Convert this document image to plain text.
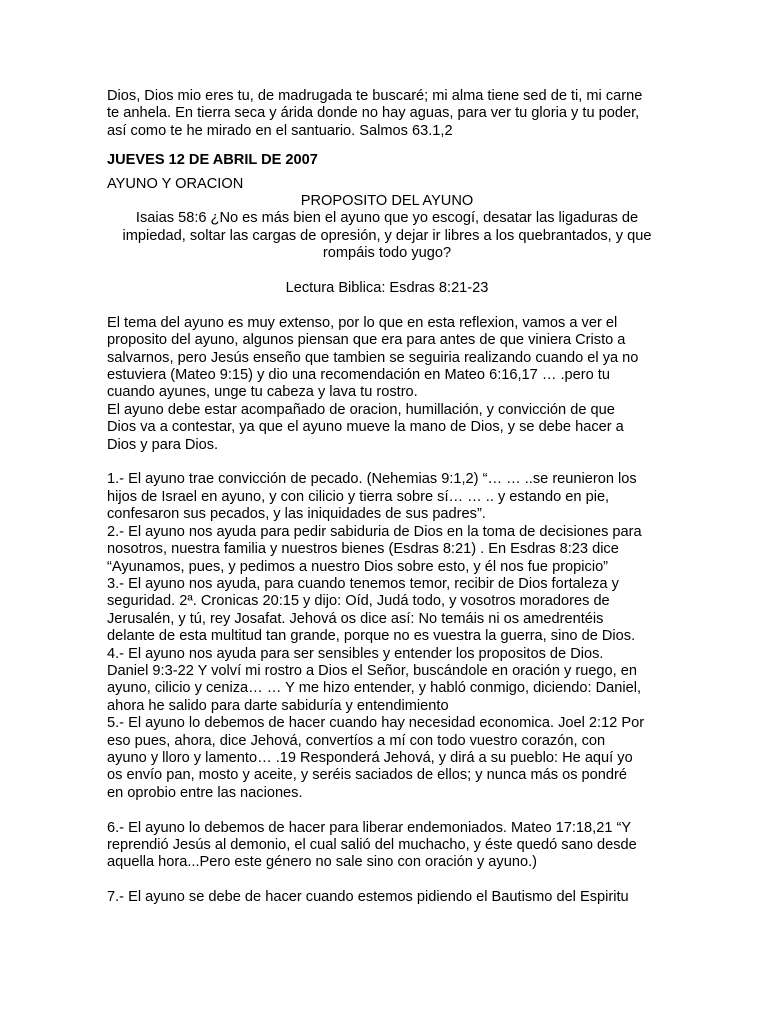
Dios, Dios mio eres tu, de madrugada te buscaré; mi alma tiene sed de ti, mi carne
te anhela. En tierra seca y árida donde no hay aguas, para ver tu gloria y tu poder,
así como te he mirado en el santuario. Salmos 63.1,2
JUEVES 12 DE ABRIL DE 2007
AYUNO Y ORACION
PROPOSITO DEL AYUNO
Isaias 58:6 ¿No es más bien el ayuno que yo escogí, desatar las ligaduras de
impiedad, soltar las cargas de opresión, y dejar ir libres a los quebrantados, y que
rompáis todo yugo?
Lectura Biblica: Esdras 8:21-23
El tema del ayuno es muy extenso, por lo que en esta reflexion, vamos a ver el
proposito del ayuno, algunos piensan que era para antes de que viniera Cristo a
salvarnos, pero Jesús enseño que tambien se seguiria realizando cuando el ya no
estuviera (Mateo 9:15) y dio una recomendación en Mateo 6:16,17 … .pero tu
cuando ayunes, unge tu cabeza y lava tu rostro.
El ayuno debe estar acompañado de oracion, humillación, y convicción de que
Dios va a contestar, ya que el ayuno mueve la mano de Dios, y se debe hacer a
Dios y para Dios.
1.- El ayuno trae convicción de pecado. (Nehemias 9:1,2) “… … ..se reunieron los
hijos de Israel en ayuno, y con cilicio y tierra sobre sí… … .. y estando en pie,
confesaron sus pecados, y las iniquidades de sus padres”.
2.- El ayuno nos ayuda para pedir sabiduria de Dios en la toma de decisiones para
nosotros, nuestra familia y nuestros bienes (Esdras 8:21) . En Esdras 8:23 dice
“Ayunamos, pues, y pedimos a nuestro Dios sobre esto, y él nos fue propicio”
3.- El ayuno nos ayuda, para cuando tenemos temor, recibir de Dios fortaleza y
seguridad. 2ª. Cronicas 20:15 y dijo: Oíd, Judá todo, y vosotros moradores de
Jerusalén, y tú, rey Josafat. Jehová os dice así: No temáis ni os amedrentéis
delante de esta multitud tan grande, porque no es vuestra la guerra, sino de Dios.
4.- El ayuno nos ayuda para ser sensibles y entender los propositos de Dios.
Daniel 9:3-22 Y volví mi rostro a Dios el Señor, buscándole en oración y ruego, en
ayuno, cilicio y ceniza… … Y me hizo entender, y habló conmigo, diciendo: Daniel,
ahora he salido para darte sabiduría y entendimiento
5.- El ayuno lo debemos de hacer cuando hay necesidad economica. Joel 2:12 Por
eso pues, ahora, dice Jehová, convertíos a mí con todo vuestro corazón, con
ayuno y lloro y lamento… .19 Responderá Jehová, y dirá a su pueblo: He aquí yo
os envío pan, mosto y aceite, y seréis saciados de ellos; y nunca más os pondré
en oprobio entre las naciones.
6.- El ayuno lo debemos de hacer para liberar endemoniados. Mateo 17:18,21 “Y
reprendió Jesús al demonio, el cual salió del muchacho, y éste quedó sano desde
aquella hora...Pero este género no sale sino con oración y ayuno.)
7.- El ayuno se debe de hacer cuando estemos pidiendo el Bautismo del Espiritu
